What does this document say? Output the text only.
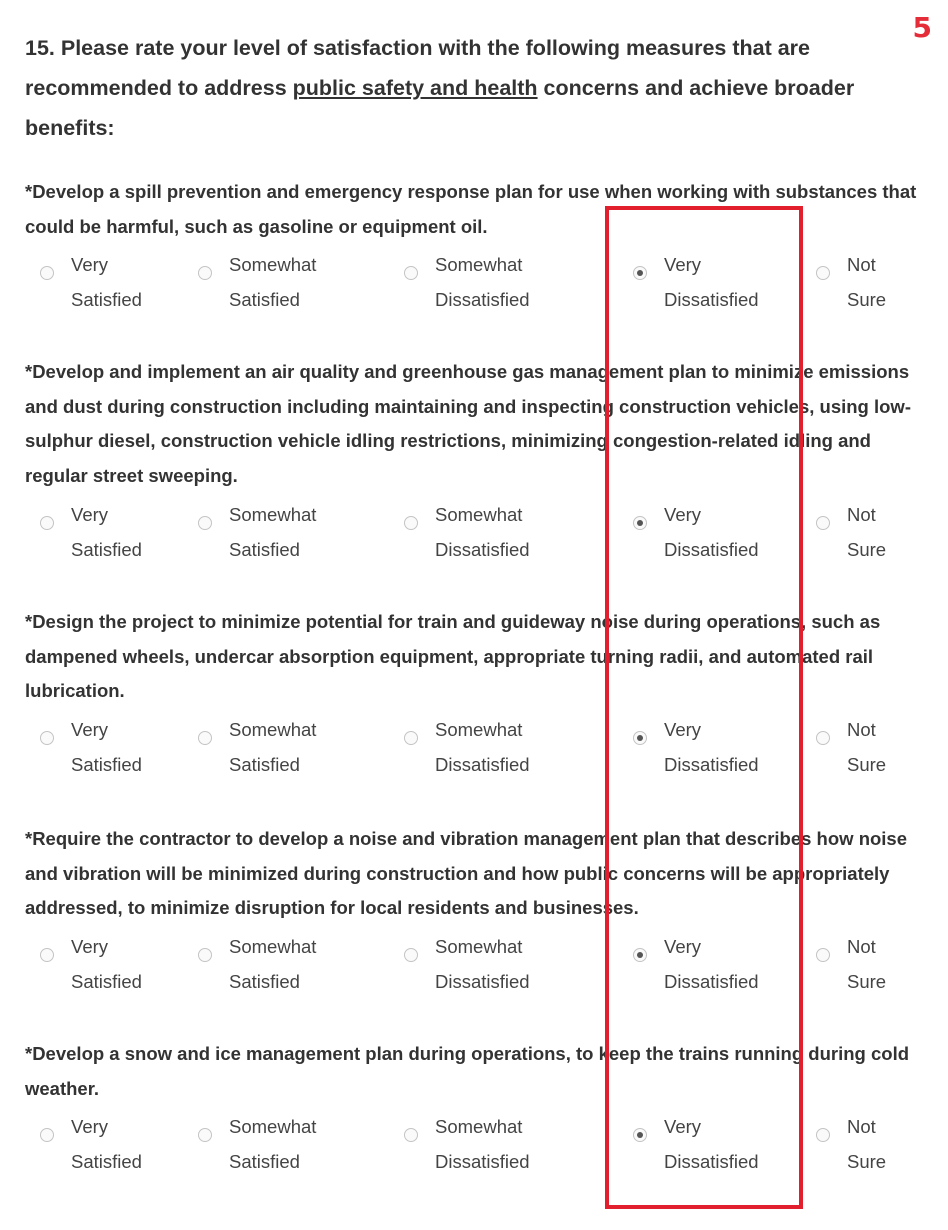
5
15. Please rate your level of satisfaction with the following measures that are recommended to address public safety and health concerns and achieve broader benefits:

*Develop a spill prevention and emergency response plan for use when working with substances that could be harmful, such as gasoline or equipment oil.

Very
Satisfied
Somewhat
Satisfied
Somewhat
Dissatisfied
Very
Dissatisfied
Not
Sure

*Develop and implement an air quality and greenhouse gas management plan to minimize emissions and dust during construction including maintaining and inspecting construction vehicles, using low-sulphur diesel, construction vehicle idling restrictions, minimizing congestion-related idling and regular street sweeping.

Very
Satisfied
Somewhat
Satisfied
Somewhat
Dissatisfied
Very
Dissatisfied
Not
Sure

*Design the project to minimize potential for train and guideway noise during operations, such as dampened wheels, undercar absorption equipment, appropriate turning radii, and automated rail lubrication.

Very
Satisfied
Somewhat
Satisfied
Somewhat
Dissatisfied
Very
Dissatisfied
Not
Sure

*Require the contractor to develop a noise and vibration management plan that describes how noise and vibration will be minimized during construction and how public concerns will be appropriately addressed, to minimize disruption for local residents and businesses.

Very
Satisfied
Somewhat
Satisfied
Somewhat
Dissatisfied
Very
Dissatisfied
Not
Sure

*Develop a snow and ice management plan during operations, to keep the trains running during cold weather.

Very
Satisfied
Somewhat
Satisfied
Somewhat
Dissatisfied
Very
Dissatisfied
Not
Sure
